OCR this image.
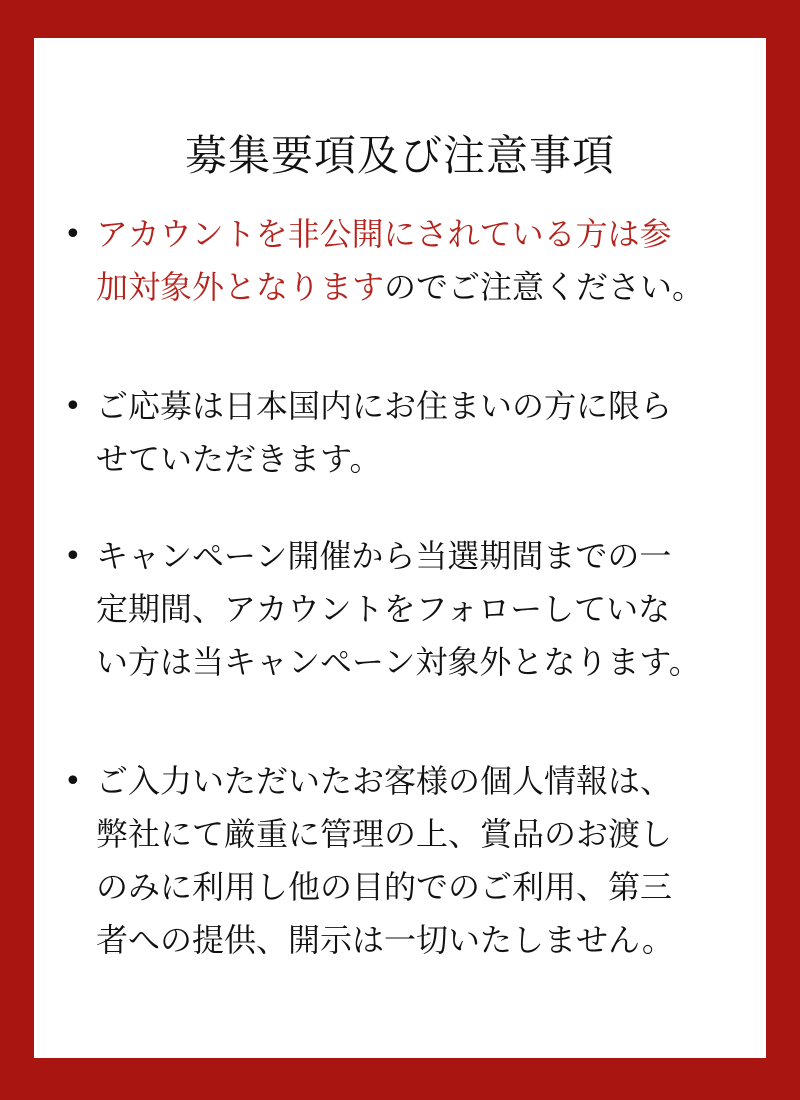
募集要項及び注意事項
• アカウントを非公開にされている方は参
加対象外となりますのでご注意ください。
• ご応募は日本国内にお住まいの方に限ら
せていただきます。
• キャンペーン開催から当選期間までの一
定期間、アカウントをフォローしていな
い方は当キャンペーン対象外となります。
• ご入力いただいたお客様の個人情報は、
弊社にて厳重に管理の上、賞品のお渡し
のみに利用し他の目的でのご利用、第三
者への提供、開示は一切いたしません。
